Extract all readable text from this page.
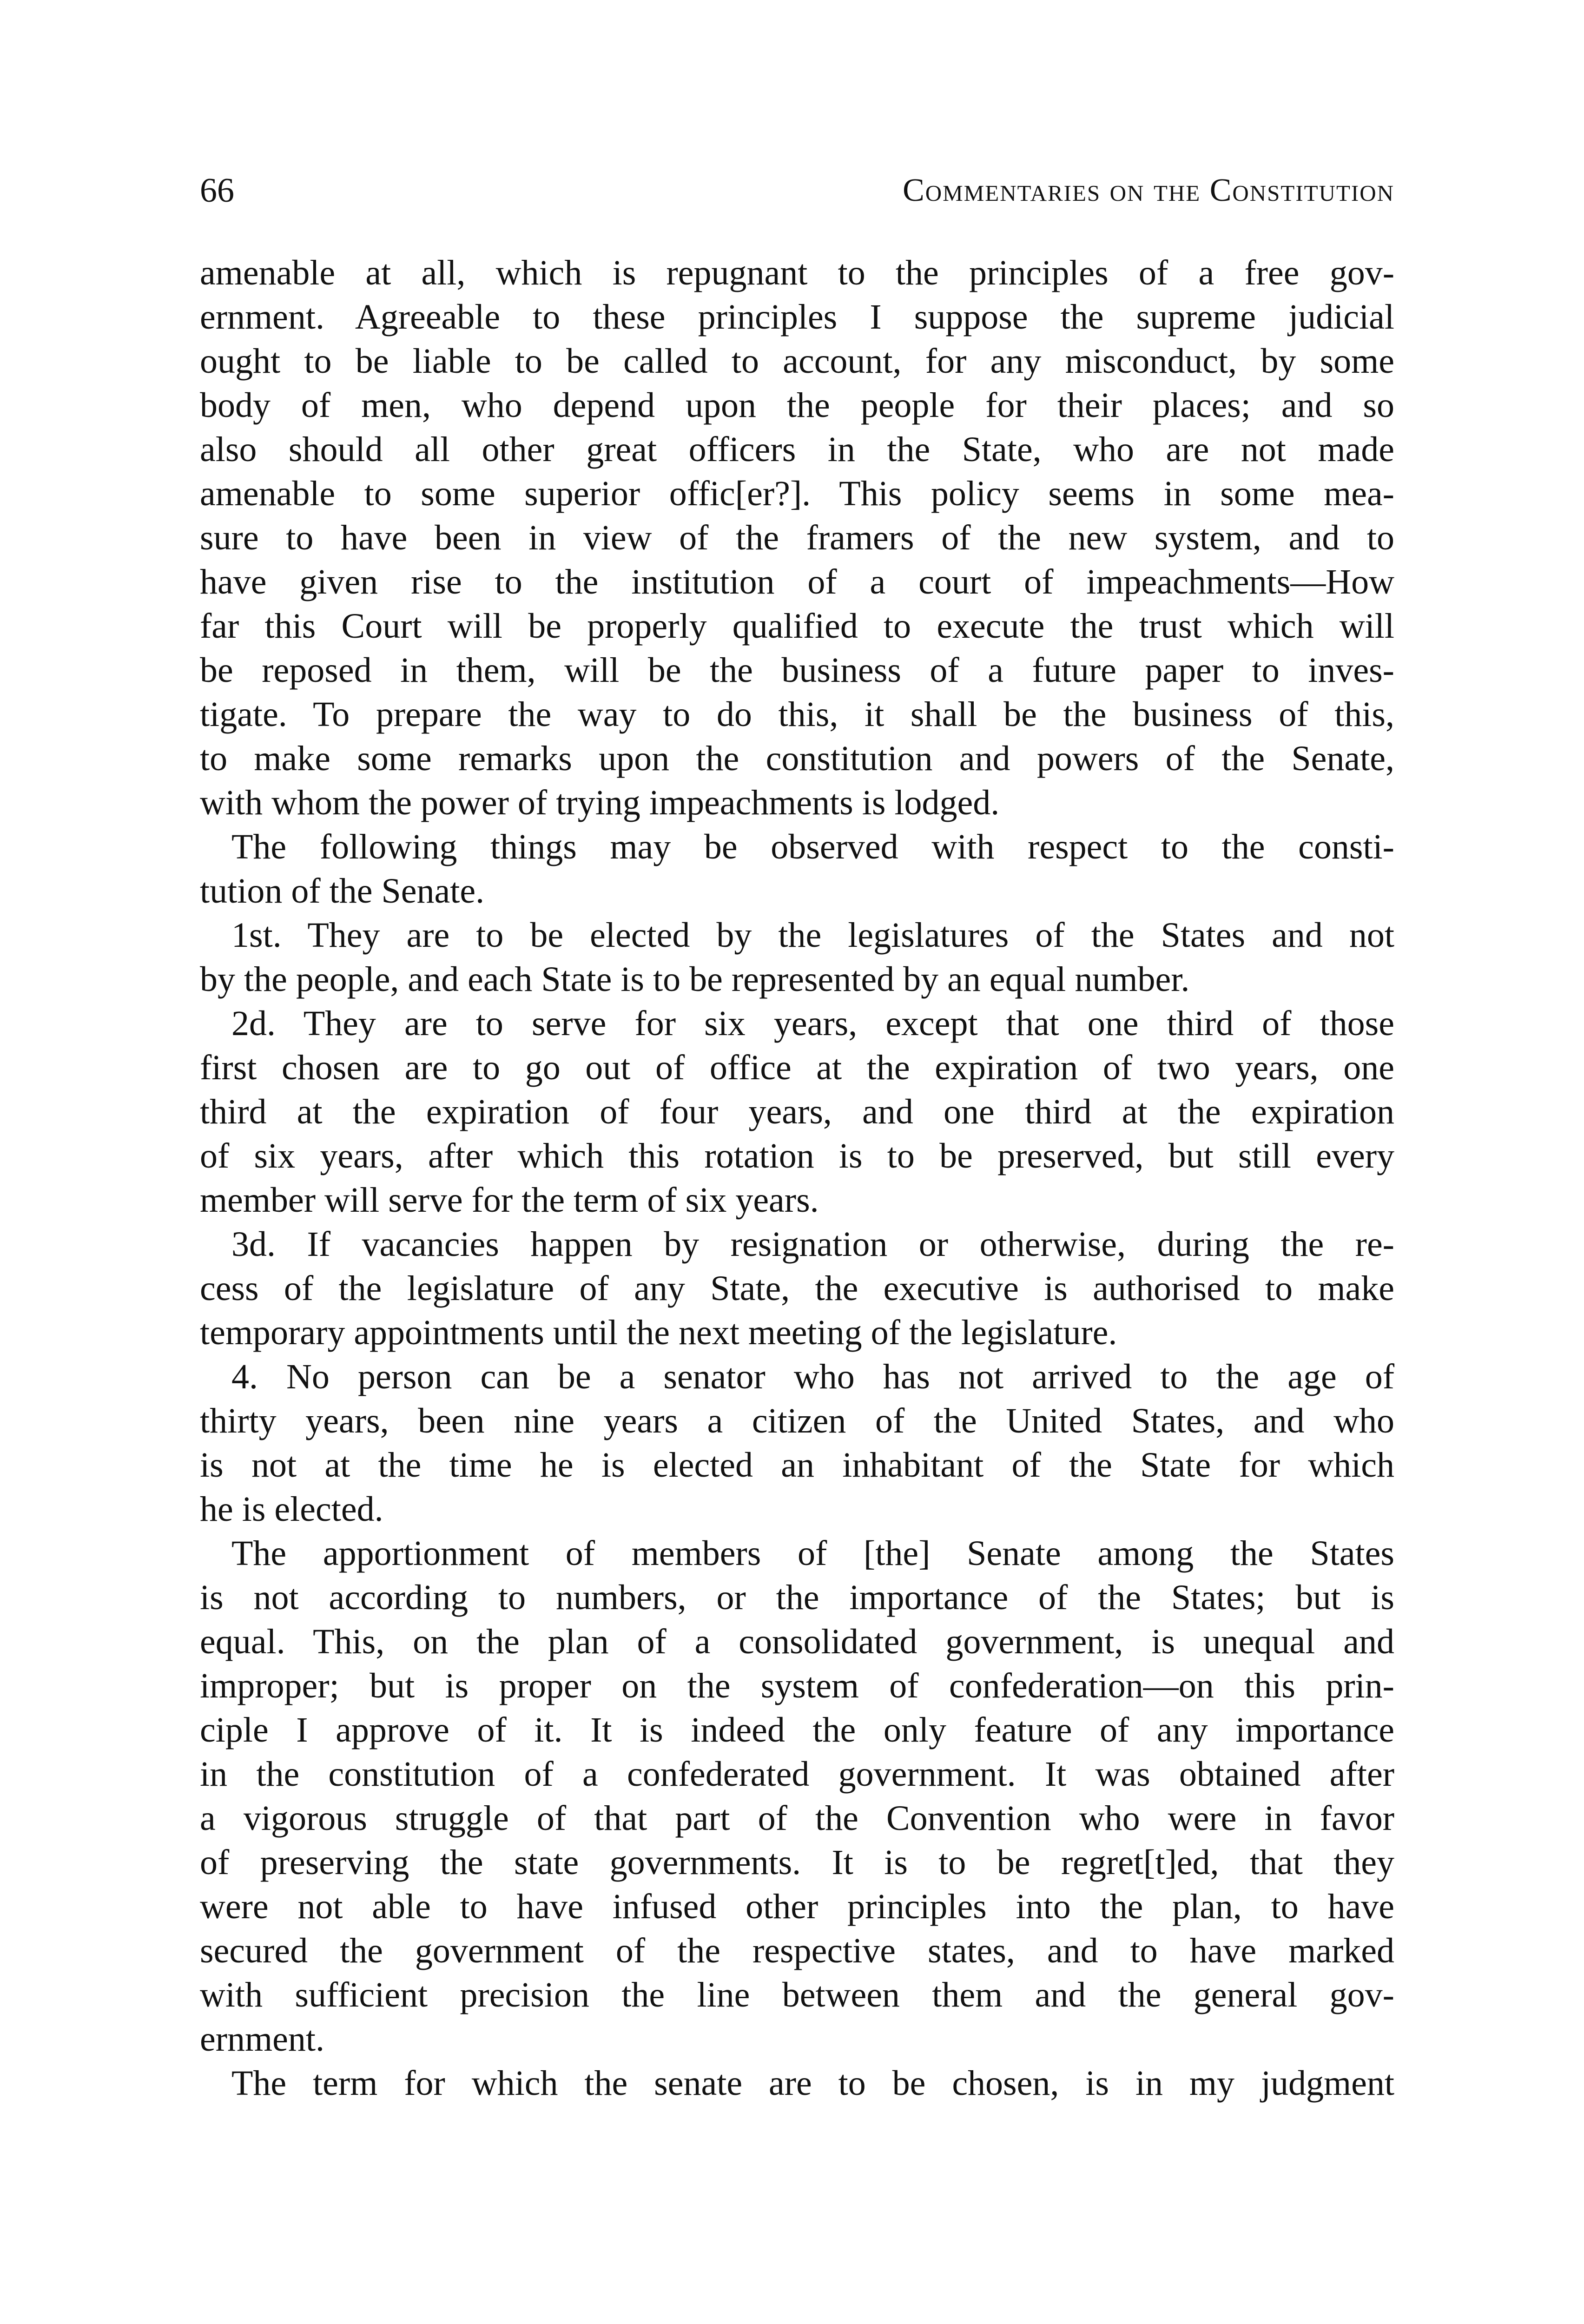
66	Commentaries on the Constitution
amenable at all, which is repugnant to the principles of a free gov-
ernment. Agreeable to these principles I suppose the supreme judicial
ought to be liable to be called to account, for any misconduct, by some
body of men, who depend upon the people for their places; and so
also should all other great officers in the State, who are not made
amenable to some superior offic[er?]. This policy seems in some mea-
sure to have been in view of the framers of the new system, and to
have given rise to the institution of a court of impeachments—How
far this Court will be properly qualified to execute the trust which will
be reposed in them, will be the business of a future paper to inves-
tigate. To prepare the way to do this, it shall be the business of this,
to make some remarks upon the constitution and powers of the Senate,
with whom the power of trying impeachments is lodged.
The following things may be observed with respect to the consti-
tution of the Senate.
1st. They are to be elected by the legislatures of the States and not
by the people, and each State is to be represented by an equal number.
2d. They are to serve for six years, except that one third of those
first chosen are to go out of office at the expiration of two years, one
third at the expiration of four years, and one third at the expiration
of six years, after which this rotation is to be preserved, but still every
member will serve for the term of six years.
3d. If vacancies happen by resignation or otherwise, during the re-
cess of the legislature of any State, the executive is authorised to make
temporary appointments until the next meeting of the legislature.
4. No person can be a senator who has not arrived to the age of
thirty years, been nine years a citizen of the United States, and who
is not at the time he is elected an inhabitant of the State for which
he is elected.
The apportionment of members of [the] Senate among the States
is not according to numbers, or the importance of the States; but is
equal. This, on the plan of a consolidated government, is unequal and
improper; but is proper on the system of confederation—on this prin-
ciple I approve of it. It is indeed the only feature of any importance
in the constitution of a confederated government. It was obtained after
a vigorous struggle of that part of the Convention who were in favor
of preserving the state governments. It is to be regret[t]ed, that they
were not able to have infused other principles into the plan, to have
secured the government of the respective states, and to have marked
with sufficient precision the line between them and the general gov-
ernment.
The term for which the senate are to be chosen, is in my judgment
